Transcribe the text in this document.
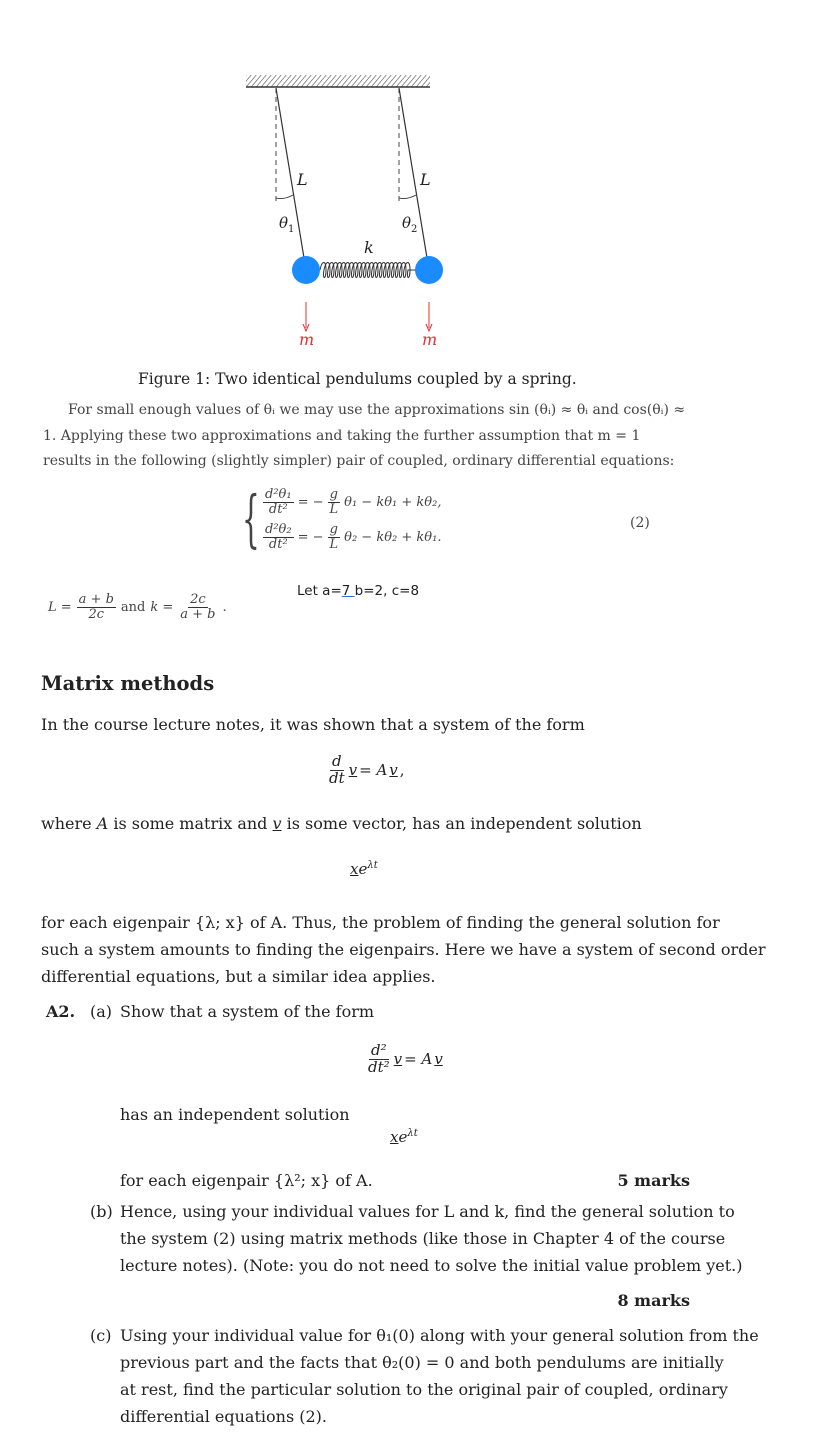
L	L
$\theta_1$	$\theta_2$
k
m	m
Figure 1: Two identical pendulums coupled by a spring.
For small enough values of θᵢ we may use the approximations sin (θᵢ) ≈ θᵢ and cos(θᵢ) ≈
1. Applying these two approximations and taking the further assumption that m = 1
results in the following (slightly simpler) pair of coupled, ordinary differential equations:
{ $\frac{\text{d²θ₁}}{\text{dt²}}$ = − $\frac{g}{L} \theta_1 - k\theta_1 + k\theta_2$,
$\frac{\text{d²θ₂}}{\text{dt²}}$ = − $\frac{g}{L} \theta_2 - k\theta_2 + k\theta_1$.
(2)
Let a=7 b=2, c=8
$L = \frac{a + b}{2c}$ and $k = \frac{2c}{a + b}$ .
Matrix methods
In the course lecture notes, it was shown that a system of the form
$\frac{d}{dt}$ v = A v ,
where A is some matrix and v is some vector, has an independent solution
$xe^{\lambda t}$
for each eigenpair {λ; x} of A. Thus, the problem of finding the general solution for
such a system amounts to finding the eigenpairs. Here we have a system of second order
differential equations, but a similar idea applies.
A2. (a) Show that a system of the form
$\frac{\text{d²}}{\text{dt²}}$ v = A v
has an independent solution
$xe^{\lambda t}$
for each eigenpair {λ²; x} of A.	5 marks
(b) Hence, using your individual values for L and k, find the general solution to
the system (2) using matrix methods (like those in Chapter 4 of the course
lecture notes). (Note: you do not need to solve the initial value problem yet.)
8 marks
(c) Using your individual value for θ₁(0) along with your general solution from the
previous part and the facts that θ₂(0) = 0 and both pendulums are initially
at rest, find the particular solution to the original pair of coupled, ordinary
differential equations (2).
